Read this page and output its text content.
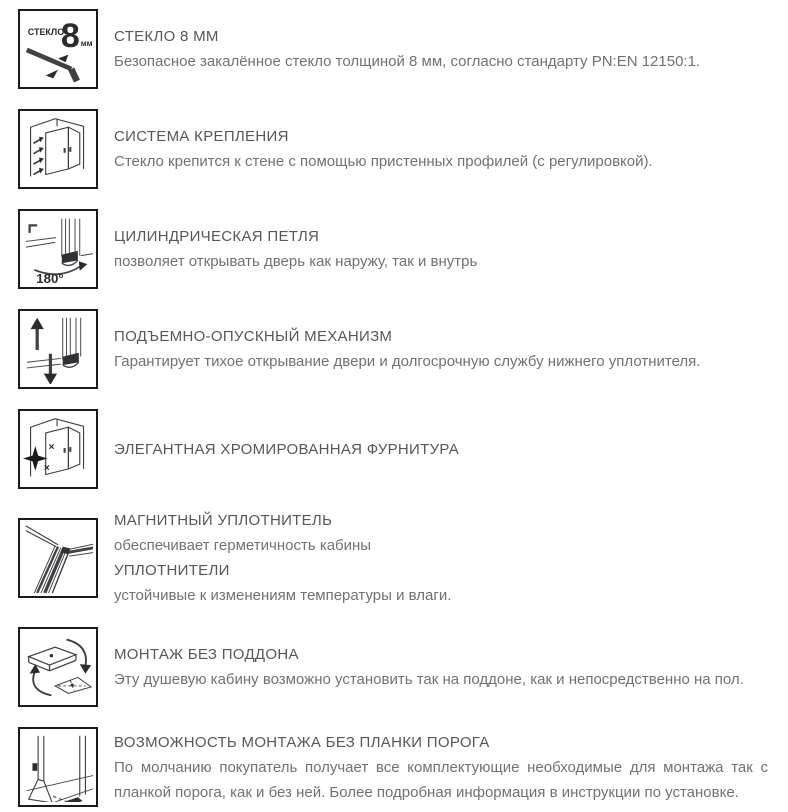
СТЕКЛО
8 мм СТЕКЛО 8 ММ

Безопасное закалённое стекло толщиной 8 мм, согласно стандарту PN:EN 12150:1.

СИСТЕМА КРЕПЛЕНИЯ

Стекло крепится к стене с помощью пристенных профилей (с регулировкой).

180°
ЦИЛИНДРИЧЕСКАЯ ПЕТЛЯ

позволяет открывать дверь как наружу, так и внутрь

ПОДЪЕМНО-ОПУСКНЫЙ МЕХАНИЗМ

Гарантирует тихое открывание двери и долгосрочную службу нижнего уплотнителя.

×
×
ЭЛЕГАНТНАЯ ХРОМИРОВАННАЯ ФУРНИТУРА
МАГНИТНЫЙ УПЛОТНИТЕЛЬ

обеспечивает герметичность кабины

УПЛОТНИТЕЛИ

устойчивые к изменениям температуры и влаги.

МОНТАЖ БЕЗ ПОДДОНА

Эту душевую кабину возможно установить так на поддоне, как и непосредственно на пол.

ВОЗМОЖНОСТЬ МОНТАЖА БЕЗ ПЛАНКИ ПОРОГА

По молчанию покупатель получает все комплектующие необходимые для монтажа так с планкой порога, как и без ней. Более подробная информация в инструкции по установке.
